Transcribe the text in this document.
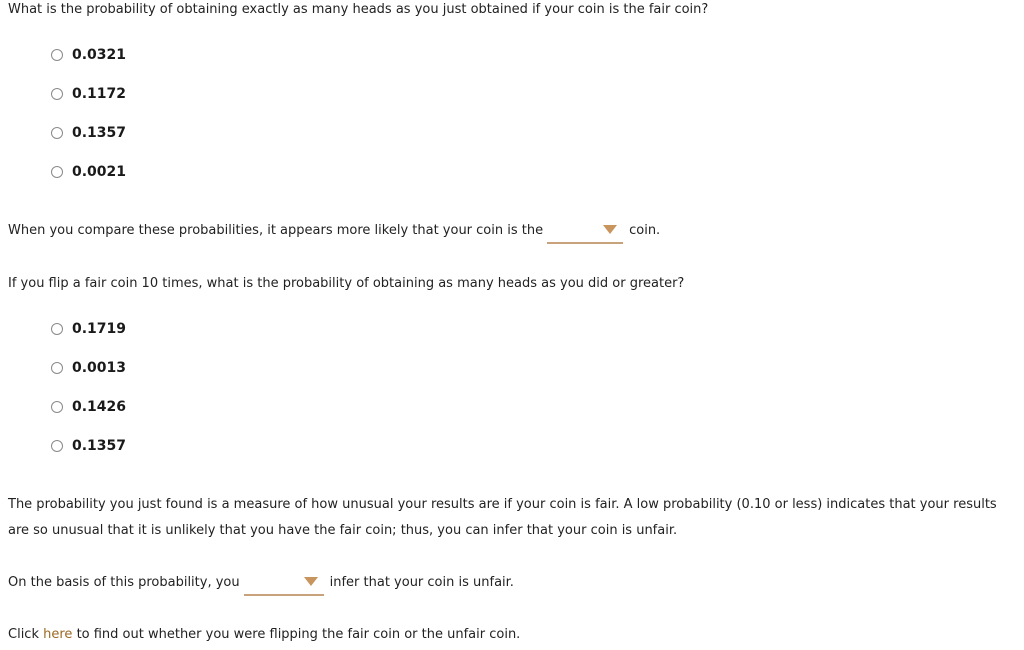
What is the probability of obtaining exactly as many heads as you just obtained if your coin is the fair coin?
0.0321
0.1172
0.1357
0.0021
When you compare these probabilities, it appears more likely that your coin is the	coin.
If you flip a fair coin 10 times, what is the probability of obtaining as many heads as you did or greater?
0.1719
0.0013
0.1426
0.1357
The probability you just found is a measure of how unusual your results are if your coin is fair. A low probability (0.10 or less) indicates that your results are so unusual that it is unlikely that you have the fair coin; thus, you can infer that your coin is unfair.
On the basis of this probability, you	infer that your coin is unfair.
Click here to find out whether you were flipping the fair coin or the unfair coin.
